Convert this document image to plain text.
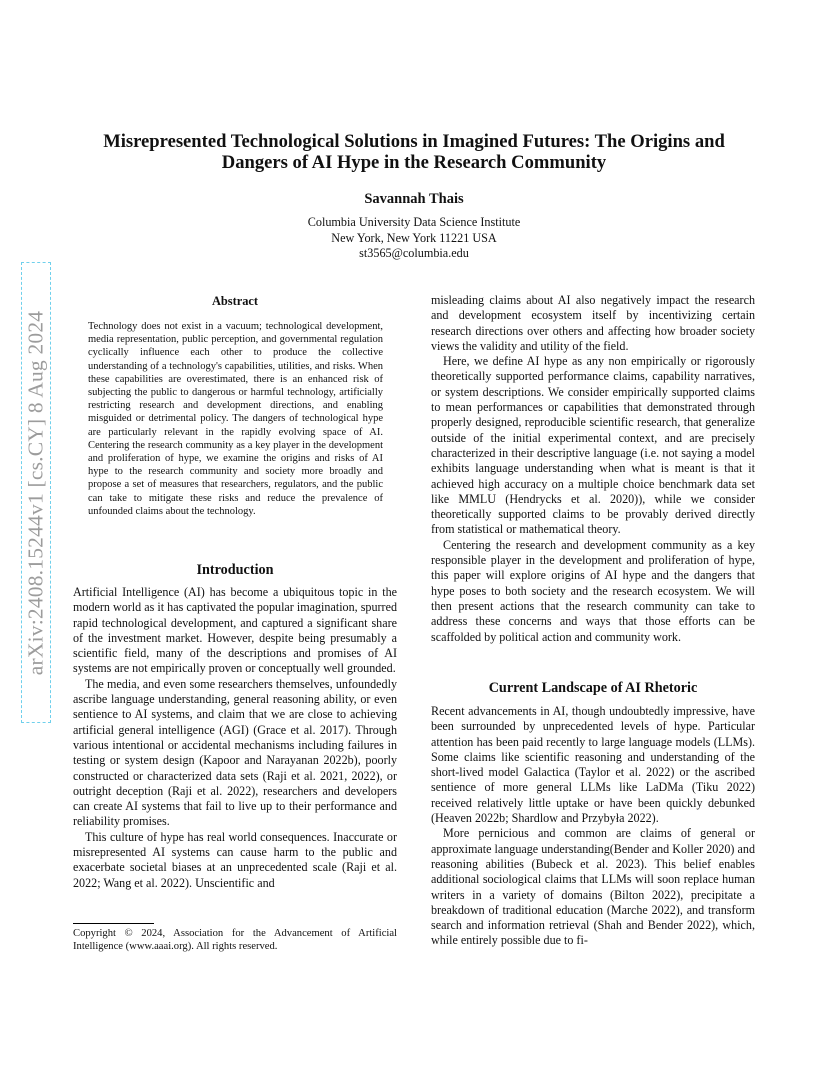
Misrepresented Technological Solutions in Imagined Futures: The Origins and
Dangers of AI Hype in the Research Community
Savannah Thais
Columbia University Data Science Institute
New York, New York 11221 USA
st3565@columbia.edu
arXiv:2408.15244v1 [cs.CY] 8 Aug 2024
Abstract

Technology does not exist in a vacuum; technological development, media representation, public perception, and governmental regulation cyclically influence each other to produce the collective understanding of a technology's capabilities, utilities, and risks. When these capabilities are overestimated, there is an enhanced risk of subjecting the public to dangerous or harmful technology, artificially restricting research and development directions, and enabling misguided or detrimental policy. The dangers of technological hype are particularly relevant in the rapidly evolving space of AI. Centering the research community as a key player in the development and proliferation of hype, we examine the origins and risks of AI hype to the research community and society more broadly and propose a set of measures that researchers, regulators, and the public can take to mitigate these risks and reduce the prevalence of unfounded claims about the technology.

Introduction

Artificial Intelligence (AI) has become a ubiquitous topic in the modern world as it has captivated the popular imagination, spurred rapid technological development, and captured a significant share of the investment market. However, despite being presumably a scientific field, many of the descriptions and promises of AI systems are not empirically proven or conceptually well grounded.

The media, and even some researchers themselves, unfoundedly ascribe language understanding, general reasoning ability, or even sentience to AI systems, and claim that we are close to achieving artificial general intelligence (AGI) (Grace et al. 2017). Through various intentional or accidental mechanisms including failures in testing or system design (Kapoor and Narayanan 2022b), poorly constructed or characterized data sets (Raji et al. 2021, 2022), or outright deception (Raji et al. 2022), researchers and developers can create AI systems that fail to live up to their performance and reliability promises.

This culture of hype has real world consequences. Inaccurate or misrepresented AI systems can cause harm to the public and exacerbate societal biases at an unprecedented scale (Raji et al. 2022; Wang et al. 2022). Unscientific and

Copyright © 2024, Association for the Advancement of Artificial Intelligence (www.aaai.org). All rights reserved.

misleading claims about AI also negatively impact the research and development ecosystem itself by incentivizing certain research directions over others and affecting how broader society views the validity and utility of the field.

Here, we define AI hype as any non empirically or rigorously theoretically supported performance claims, capability narratives, or system descriptions. We consider empirically supported claims to mean performances or capabilities that demonstrated through properly designed, reproducible scientific research, that generalize outside of the initial experimental context, and are precisely characterized in their descriptive language (i.e. not saying a model exhibits language understanding when what is meant is that it achieved high accuracy on a multiple choice benchmark data set like MMLU (Hendrycks et al. 2020)), while we consider theoretically supported claims to be provably derived directly from statistical or mathematical theory.

Centering the research and development community as a key responsible player in the development and proliferation of hype, this paper will explore origins of AI hype and the dangers that hype poses to both society and the research ecosystem. We will then present actions that the research community can take to address these concerns and ways that those efforts can be scaffolded by political action and community work.

Current Landscape of AI Rhetoric

Recent advancements in AI, though undoubtedly impressive, have been surrounded by unprecedented levels of hype. Particular attention has been paid recently to large language models (LLMs). Some claims like scientific reasoning and understanding of the short-lived model Galactica (Taylor et al. 2022) or the ascribed sentience of more general LLMs like LaDMa (Tiku 2022) received relatively little uptake or have been quickly debunked (Heaven 2022b; Shardlow and Przybyła 2022).

More pernicious and common are claims of general or approximate language understanding(Bender and Koller 2020) and reasoning abilities (Bubeck et al. 2023). This belief enables additional sociological claims that LLMs will soon replace human writers in a variety of domains (Bilton 2022), precipitate a breakdown of traditional education (Marche 2022), and transform search and information retrieval (Shah and Bender 2022), which, while entirely possible due to fi-
